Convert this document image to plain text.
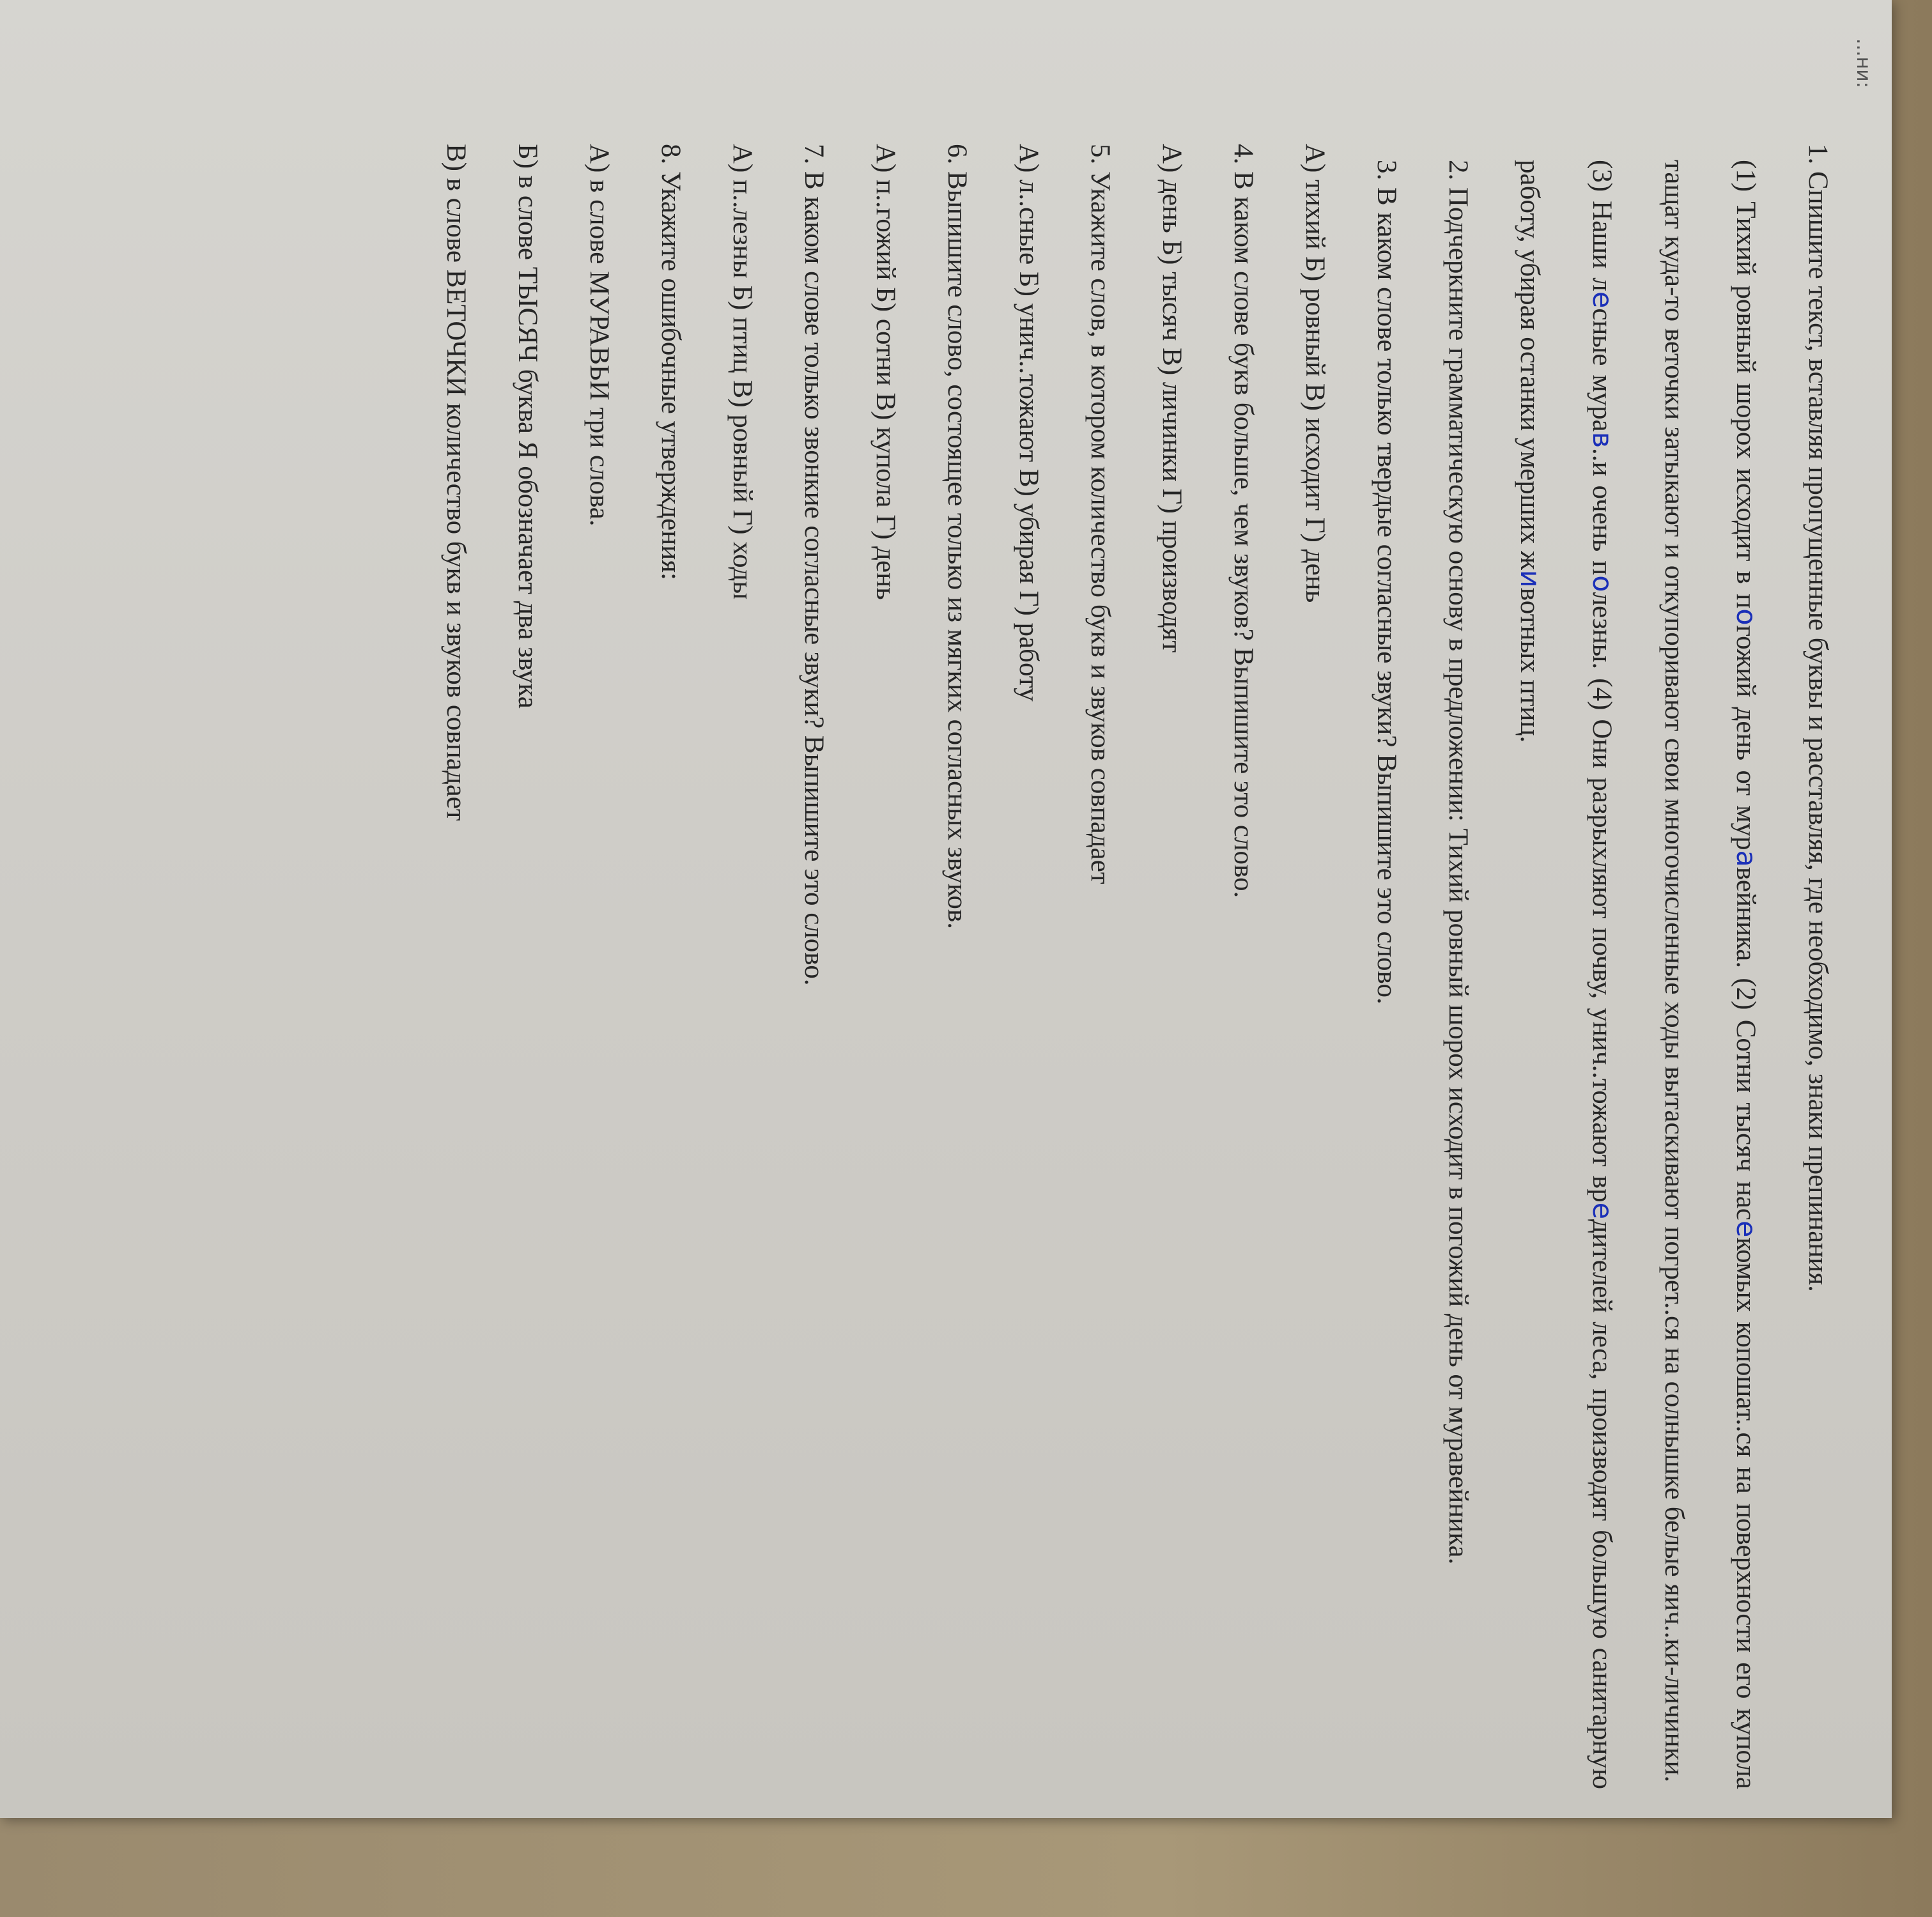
...ни:

1. Спишите текст, вставляя пропущенные буквы и расставляя, где необходимо, знаки препинания.

(1) Тихий ровный шорох исходит в погожий день от муравейника. (2) Сотни тысяч насекомых копошат..ся на поверхности его купола тащат куда-то веточки затыкают и откупоривают свои многочисленные ходы вытаскивают погрет..ся на солнышке белые яич..ки-личинки.

(3) Наши лесные мурав..и очень полезны. (4) Они разрыхляют почву, унич..тожают вредителей леса, производят большую санитарную работу, убирая останки умерших животных птиц.

2. Подчеркните грамматическую основу в предложении: Тихий ровный шорох исходит в погожий день от муравейника.

3. В каком слове только твердые согласные звуки? Выпишите это слово.

А) тихий Б) ровный В) исходит Г) день

4. В каком слове букв больше, чем звуков? Выпишите это слово.

А) день Б) тысяч В) личинки Г) производят

5. Укажите слов, в котором количество букв и звуков совпадает

А) л..сные Б) унич..тожают В) убирая Г) работу

6. Выпишите слово, состоящее только из мягких согласных звуков.

А) п..гожий Б) сотни В) купола Г) день

7. В каком слове только звонкие согласные звуки? Выпишите это слово.

А) п..лезны Б) птиц В) ровный Г) ходы

8. Укажите ошибочные утверждения:

А) в слове МУРАВЬИ три слова.

Б) в слове ТЫСЯЧ буква Я обозначает два звука

В) в слове ВЕТОЧКИ количество букв и звуков совпадает
